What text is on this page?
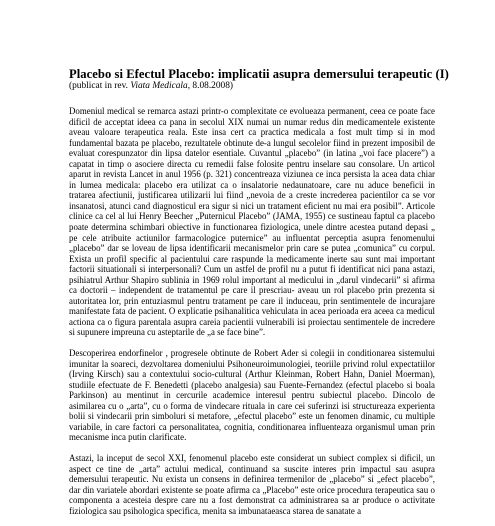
Placebo si Efectul Placebo: implicatii asupra demersului terapeutic (I)

(publicat in rev. Viata Medicala, 8.08.2008)

Domeniul medical se remarca astazi printr-o complexitate ce evolueaza permanent, ceea ce poate face dificil de acceptat ideea ca pana in secolul XIX numai un numar redus din medicamentele existente aveau valoare terapeutica reala. Este insa cert ca practica medicala a fost mult timp si in mod fundamental bazata pe placebo, rezultatele obtinute de-a lungul secolelor fiind in prezent imposibil de evaluat corespunzator din lipsa datelor esentiale. Cuvantul „placebo” (in latina „voi face placere”) a capatat in timp o asociere directa cu remedii false folosite pentru inselare sau consolare. Un articol aparut in revista Lancet in anul 1956 (p. 321) concentreaza viziunea ce inca persista la acea data chiar in lumea medicala: placebo era utilizat ca o insalatorie nedaunatoare, care nu aduce beneficii in tratarea afectiunii, justificarea utilizarii lui fiind „nevoia de a creste increderea pacientilor ca se vor insanatosi, atunci cand diagnosticul era sigur si nici un tratament eficient nu mai era posibil”. Articole clinice ca cel al lui Henry Beecher „Puternicul Placebo” (JAMA, 1955) ce sustineau faptul ca placebo poate determina schimbari obiective in functionarea fiziologica, unele dintre acestea putand depasi „ pe cele atribuite actiunilor farmacologice puternice” au influentat perceptia asupra fenomenului „placebo” dar se loveau de lipsa identificarii mecanismelor prin care se putea „comunica” cu corpul. Exista un profil specific al pacientului care raspunde la medicamente inerte sau sunt mai important factorii situationali si interpersonali? Cum un astfel de profil nu a putut fi identificat nici pana astazi, psihiatrul Arthur Shapiro sublinia in 1969 rolul important al medicului in „darul vindecarii” si afirma ca doctorii – independent de tratamentul pe care il prescriau- aveau un rol placebo prin prezenta si autoritatea lor, prin entuziasmul pentru tratament pe care il induceau, prin sentimentele de incurajare manifestate fata de pacient. O explicatie psihanalitica vehiculata in acea perioada era aceea ca medicul actiona ca o figura parentala asupra careia pacientii vulnerabili isi proiectau sentimentele de incredere si supunere impreuna cu asteptarile de „a se face bine”.

Descoperirea endorfinelor , progresele obtinute de Robert Ader si colegii in conditionarea sistemului imunitar la soareci, dezvoltarea domeniului Psihoneuroimunologiei, teoriile privind rolul expectatiilor (Irving Kirsch) sau a contextului socio-cultural (Arthur Kleinman, Robert Hahn, Daniel Moerman), studiile efectuate de F. Benedetti (placebo analgesia) sau Fuente-Fernandez (efectul placebo si boala Parkinson) au mentinut in cercurile academice interesul pentru subiectul placebo. Dincolo de asimilarea cu o „arta”, cu o forma de vindecare rituala in care cei suferinzi isi structureaza experienta bolii si vindecarii prin simboluri si metafore, „efectul placebo” este un fenomen dinamic, cu multiple variabile, in care factori ca personalitatea, cognitia, conditionarea influenteaza organismul uman prin mecanisme inca putin clarificate.

Astazi, la inceput de secol XXI, fenomenul placebo este considerat un subiect complex si dificil, un aspect ce tine de „arta” actului medical, continuand sa suscite interes prin impactul sau asupra demersului terapeutic. Nu exista un consens in definirea termenilor de „placebo” si „efect placebo”, dar din variatele abordari existente se poate afirma ca „Placebo” este orice procedura terapeutica sau o componenta a acesteia despre care nu a fost demonstrat ca administrarea sa ar produce o activitate fiziologica sau psihologica specifica, menita sa imbunataeasca starea de sanatate a
